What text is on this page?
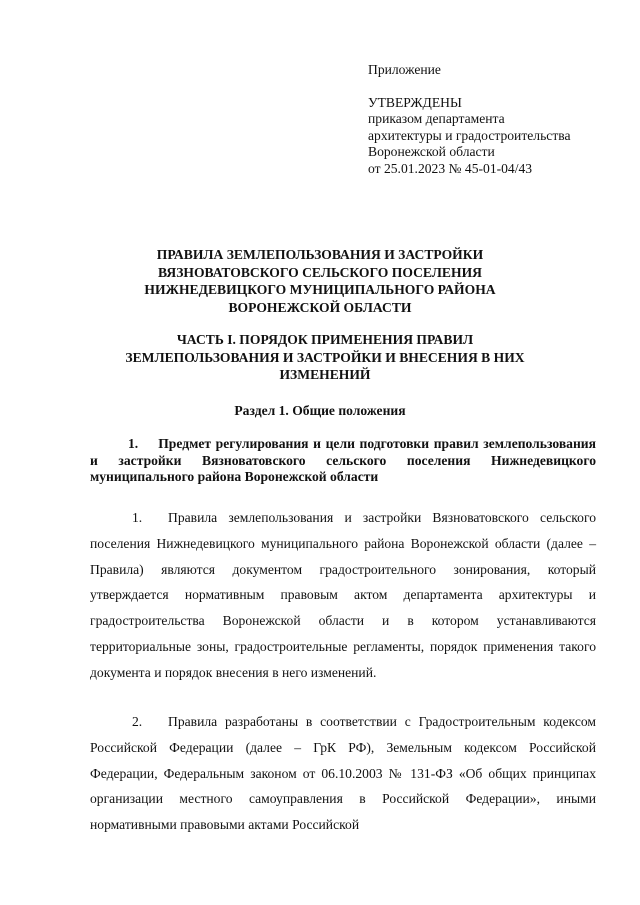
Приложение
УТВЕРЖДЕНЫ
приказом департамента
архитектуры и градостроительства
Воронежской области
от 25.01.2023 № 45-01-04/43
ПРАВИЛА ЗЕМЛЕПОЛЬЗОВАНИЯ И ЗАСТРОЙКИ
ВЯЗНОВАТОВСКОГО СЕЛЬСКОГО ПОСЕЛЕНИЯ
НИЖНЕДЕВИЦКОГО МУНИЦИПАЛЬНОГО РАЙОНА
ВОРОНЕЖСКОЙ ОБЛАСТИ
ЧАСТЬ I. ПОРЯДОК ПРИМЕНЕНИЯ ПРАВИЛ
ЗЕМЛЕПОЛЬЗОВАНИЯ И ЗАСТРОЙКИ И ВНЕСЕНИЯ В НИХ
ИЗМЕНЕНИЙ
Раздел 1. Общие положения
1. Предмет регулирования и цели подготовки правил землепользования и застройки Вязноватовского сельского поселения Нижнедевицкого муниципального района Воронежской области
1. Правила землепользования и застройки Вязноватовского сельского поселения Нижнедевицкого муниципального района Воронежской области (далее – Правила) являются документом градостроительного зонирования, который утверждается нормативным правовым актом департамента архитектуры и градостроительства Воронежской области и в котором устанавливаются территориальные зоны, градостроительные регламенты, порядок применения такого документа и порядок внесения в него изменений.
2. Правила разработаны в соответствии с Градостроительным кодексом Российской Федерации (далее – ГрК РФ), Земельным кодексом Российской Федерации, Федеральным законом от 06.10.2003 № 131-ФЗ «Об общих принципах организации местного самоуправления в Российской Федерации», иными нормативными правовыми актами Российской
